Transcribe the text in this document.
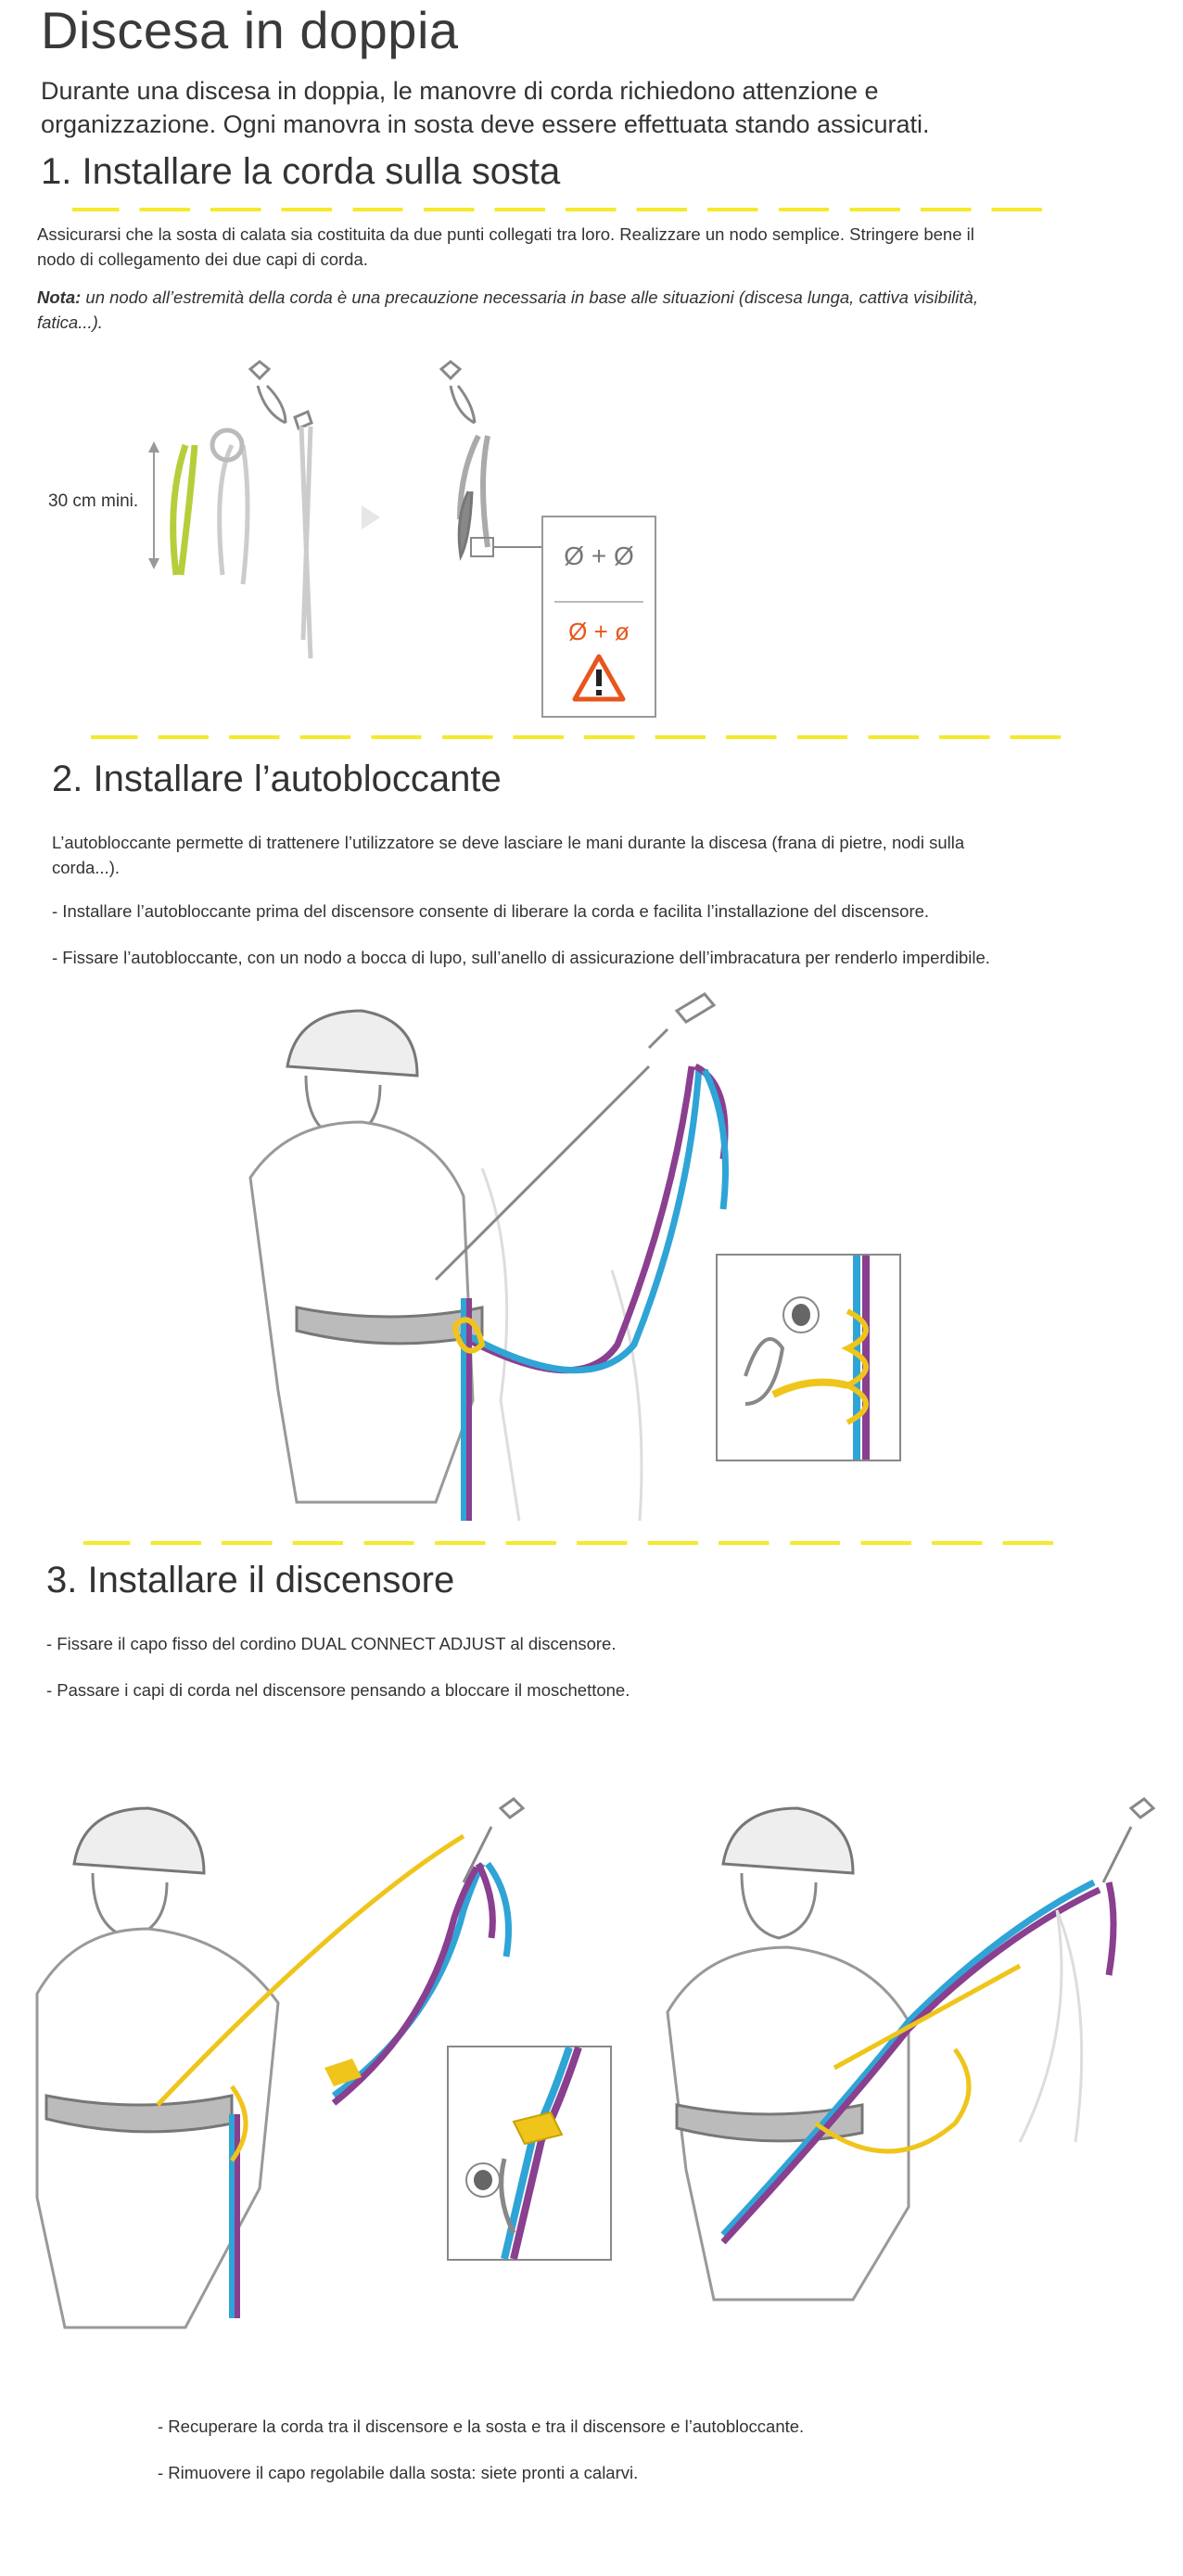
Discesa in doppia
Durante una discesa in doppia, le manovre di corda richiedono attenzione e organizzazione. Ogni manovra in sosta deve essere effettuata stando assicurati.
1. Installare la corda sulla sosta
Assicurarsi che la sosta di calata sia costituita da due punti collegati tra loro. Realizzare un nodo semplice. Stringere bene il nodo di collegamento dei due capi di corda.
Nota: un nodo all’estremità della corda è una precauzione necessaria in base alle situazioni (discesa lunga, cattiva visibilità, fatica...).
30 cm mini.
Ø + Ø
Ø + ø
2. Installare l’autobloccante
L’autobloccante permette di trattenere l’utilizzatore se deve lasciare le mani durante la discesa (frana di pietre, nodi sulla corda...).
- Installare l’autobloccante prima del discensore consente di liberare la corda e facilita l’installazione del discensore.
- Fissare l’autobloccante, con un nodo a bocca di lupo, sull’anello di assicurazione dell’imbracatura per renderlo imperdibile.
3. Installare il discensore
- Fissare il capo fisso del cordino DUAL CONNECT ADJUST al discensore.
- Passare i capi di corda nel discensore pensando a bloccare il moschettone.
- Recuperare la corda tra il discensore e la sosta e tra il discensore e l’autobloccante.
- Rimuovere il capo regolabile dalla sosta: siete pronti a calarvi.
